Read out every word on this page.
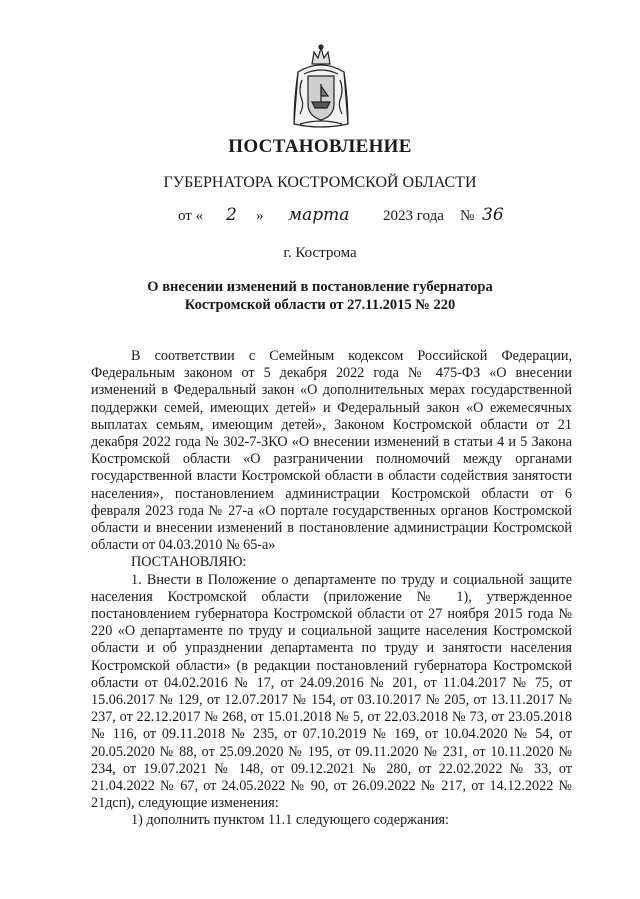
ПОСТАНОВЛЕНИЕ
ГУБЕРНАТОРА КОСТРОМСКОЙ ОБЛАСТИ
от « 2 » марта 2023 года № 36
г. Кострома
О внесении изменений в постановление губернатора
Костромской области от 27.11.2015 № 220

В соответствии с Семейным кодексом Российской Федерации, Федеральным законом от 5 декабря 2022 года № 475-ФЗ «О внесении изменений в Федеральный закон «О дополнительных мерах государственной поддержки семей, имеющих детей» и Федеральный закон «О ежемесячных выплатах семьям, имеющим детей», Законом Костромской области от 21 декабря 2022 года № 302-7-ЗКО «О внесении изменений в статьи 4 и 5 Закона Костромской области «О разграничении полномочий между органами государственной власти Костромской области в области содействия занятости населения», постановлением администрации Костромской области от 6 февраля 2023 года № 27-а «О портале государственных органов Костромской области и внесении изменений в постановление администрации Костромской области от 04.03.2010 № 65-а»

ПОСТАНОВЛЯЮ:

1. Внести в Положение о департаменте по труду и социальной защите населения Костромской области (приложение № 1), утвержденное постановлением губернатора Костромской области от 27 ноября 2015 года № 220 «О департаменте по труду и социальной защите населения Костромской области и об упразднении департамента по труду и занятости населения Костромской области» (в редакции постановлений губернатора Костромской области от 04.02.2016 № 17, от 24.09.2016 № 201, от 11.04.2017 № 75, от 15.06.2017 № 129, от 12.07.2017 № 154, от 03.10.2017 № 205, от 13.11.2017 № 237, от 22.12.2017 № 268, от 15.01.2018 № 5, от 22.03.2018 № 73, от 23.05.2018 № 116, от 09.11.2018 № 235, от 07.10.2019 № 169, от 10.04.2020 № 54, от 20.05.2020 № 88, от 25.09.2020 № 195, от 09.11.2020 № 231, от 10.11.2020 № 234, от 19.07.2021 № 148, от 09.12.2021 № 280, от 22.02.2022 № 33, от 21.04.2022 № 67, от 24.05.2022 № 90, от 26.09.2022 № 217, от 14.12.2022 № 21дсп), следующие изменения:

1) дополнить пунктом 11.1 следующего содержания:
